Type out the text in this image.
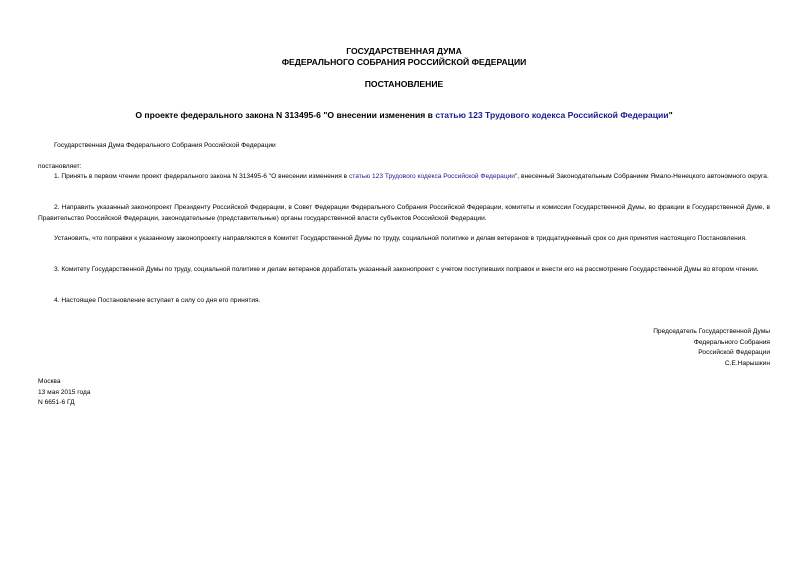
ГОСУДАРСТВЕННАЯ ДУМА
ФЕДЕРАЛЬНОГО СОБРАНИЯ РОССИЙСКОЙ ФЕДЕРАЦИИ
ПОСТАНОВЛЕНИЕ
О проекте федерального закона N 313495-6 "О внесении изменения в статью 123 Трудового кодекса Российской Федерации"
Государственная Дума Федерального Собрания Российской Федерации
постановляет:
1. Принять в первом чтении проект федерального закона N 313495-6 "О внесении изменения в статью 123 Трудового кодекса Российской Федерации", внесенный Законодательным Собранием Ямало-Ненецкого автономного округа.
2. Направить указанный законопроект Президенту Российской Федерации, в Совет Федерации Федерального Собрания Российской Федерации, комитеты и комиссии Государственной Думы, во фракции в Государственной Думе, в Правительство Российской Федерации, законодательные (представительные) органы государственной власти субъектов Российской Федерации.
Установить, что поправки к указанному законопроекту направляются в Комитет Государственной Думы по труду, социальной политике и делам ветеранов в тридцатидневный срок со дня принятия настоящего Постановления.
3. Комитету Государственной Думы по труду, социальной политике и делам ветеранов доработать указанный законопроект с учетом поступивших поправок и внести его на рассмотрение Государственной Думы во втором чтении.
4. Настоящее Постановление вступает в силу со дня его принятия.
Председатель Государственной Думы
Федерального Собрания
Российской Федерации
С.Е.Нарышкин
Москва
13 мая 2015 года
N 6651-6 ГД
